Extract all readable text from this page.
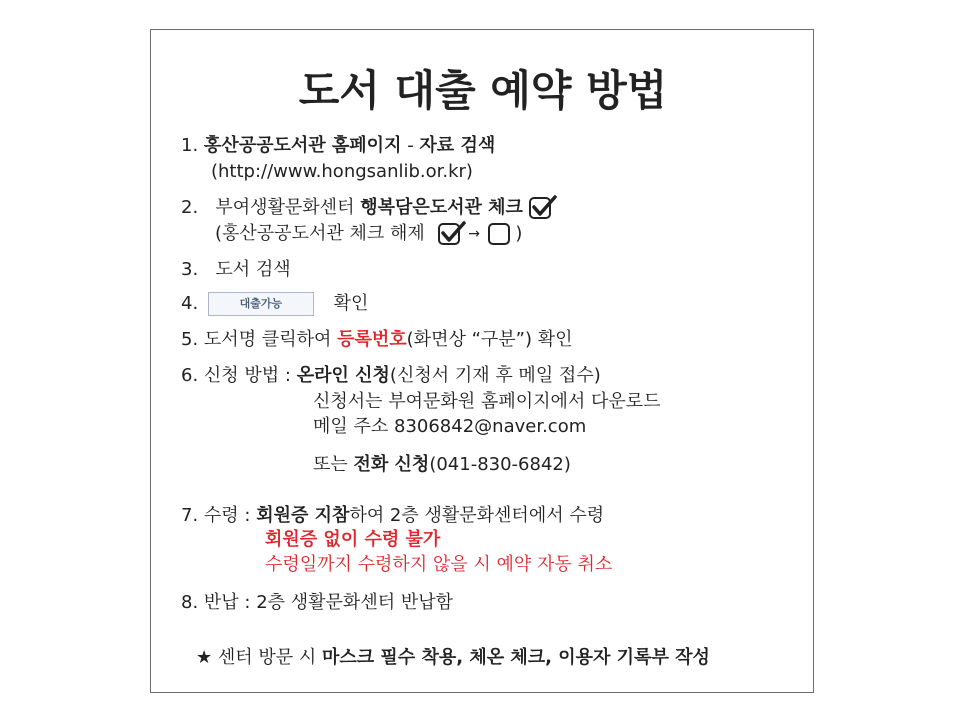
도서 대출 예약 방법
1. 홍산공공도서관 홈페이지 - 자료 검색
(http://www.hongsanlib.or.kr)
2. 부여생활문화센터 행복담은도서관 체크
(홍산공공도서관 체크 해제	→ )
3. 도서 검색
4.	대출가능	확인
5. 도서명 클릭하여 등록번호(화면상 “구분”) 확인
6. 신청 방법 : 온라인 신청(신청서 기재 후 메일 접수)
신청서는 부여문화원 홈페이지에서 다운로드
메일 주소 8306842@naver.com
또는 전화 신청(041-830-6842)
7. 수령 : 회원증 지참하여 2층 생활문화센터에서 수령
회원증 없이 수령 불가
수령일까지 수령하지 않을 시 예약 자동 취소
8. 반납 : 2층 생활문화센터 반납함
★ 센터 방문 시 마스크 필수 착용, 체온 체크, 이용자 기록부 작성
